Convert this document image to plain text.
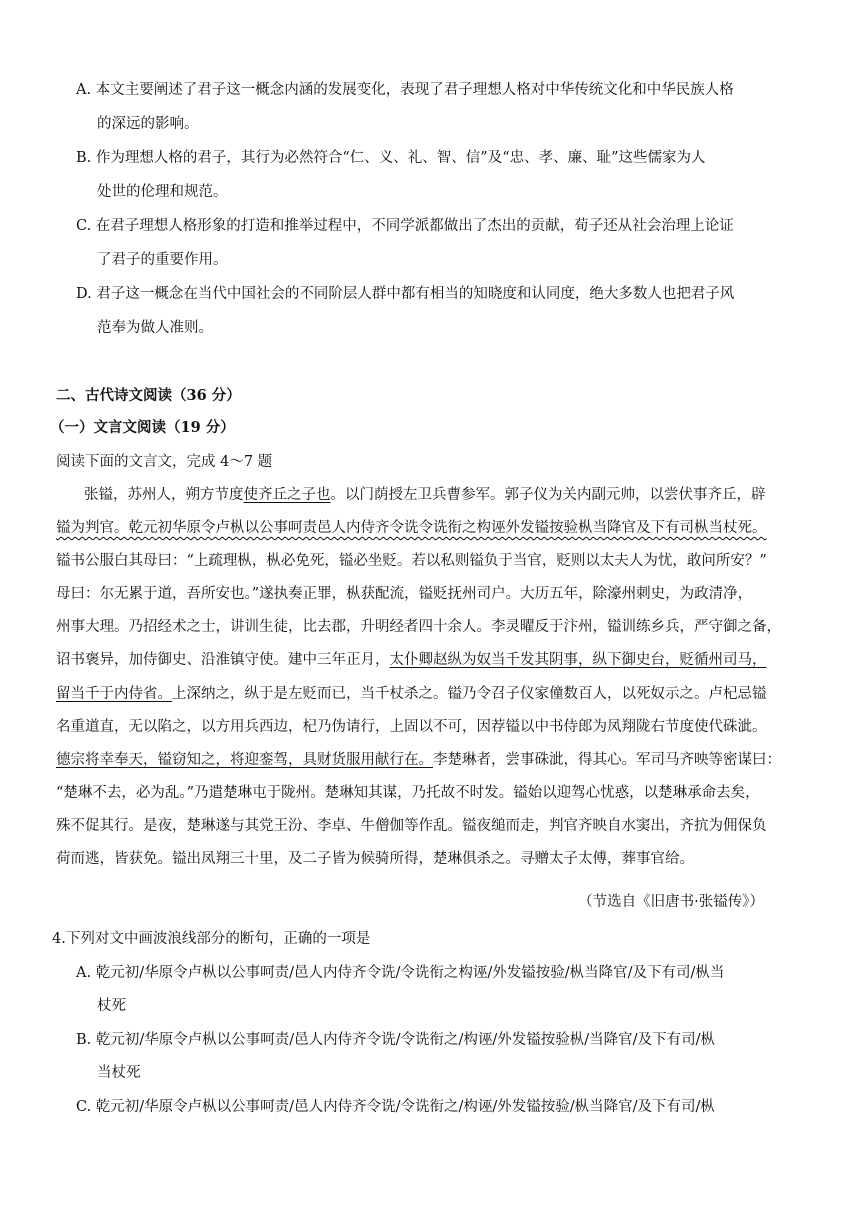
A. 本文主要阐述了君子这一概念内涵的发展变化，表现了君子理想人格对中华传统文化和中华民族人格
的深远的影响。
B. 作为理想人格的君子，其行为必然符合“仁、义、礼、智、信”及“忠、孝、廉、耻”这些儒家为人
处世的伦理和规范。
C. 在君子理想人格形象的打造和推举过程中，不同学派都做出了杰出的贡献，荀子还从社会治理上论证
了君子的重要作用。
D. 君子这一概念在当代中国社会的不同阶层人群中都有相当的知晓度和认同度，绝大多数人也把君子风
范奉为做人准则。
二、古代诗文阅读（36 分）
（一）文言文阅读（19 分）
阅读下面的文言文，完成 4～7 题
张镒，苏州人，朔方节度使齐丘之子也。以门荫授左卫兵曹参军。郭子仪为关内副元帅，以尝伏事齐丘，辟
镒为判官。乾元初华原令卢枞以公事呵责邑人内侍齐令诜令诜衔之构诬外发镒按验枞当降官及下有司枞当杖死。
镒书公服白其母曰：“上疏理枞，枞必免死，镒必坐贬。若以私则镒负于当官，贬则以太夫人为忧，敢问所安？”
母曰：尔无累于道，吾所安也。”遂执奏正罪，枞获配流，镒贬抚州司户。大历五年，除濠州刺史，为政清净，
州事大理。乃招经术之士，讲训生徒，比去郡，升明经者四十余人。李灵曜反于汴州，镒训练乡兵，严守御之备，
诏书褒异，加侍御史、沿淮镇守使。建中三年正月，太仆卿赵纵为奴当千发其阴事，纵下御史台，贬循州司马，
留当千于内侍省。上深纳之，纵于是左贬而已，当千杖杀之。镒乃令召子仪家僮数百人，以死奴示之。卢杞忌镒
名重道直，无以陷之，以方用兵西边，杞乃伪请行，上固以不可，因荐镒以中书侍郎为凤翔陇右节度使代硃泚。
德宗将幸奉天，镒窃知之，将迎銮驾，具财货服用献行在。李楚琳者，尝事硃泚，得其心。军司马齐映等密谋曰：
“楚琳不去，必为乱。”乃遣楚琳屯于陇州。楚琳知其谋，乃托故不时发。镒始以迎驾心忧惑，以楚琳承命去矣，
殊不促其行。是夜，楚琳遂与其党王汾、李卓、牛僧伽等作乱。镒夜缒而走，判官齐映自水窦出，齐抗为佣保负
荷而逃，皆获免。镒出凤翔三十里，及二子皆为候骑所得，楚琳俱杀之。寻赠太子太傅，葬事官给。
（节选自《旧唐书·张镒传》）
4.下列对文中画波浪线部分的断句，正确的一项是
A. 乾元初/华原令卢枞以公事呵责/邑人内侍齐令诜/令诜衔之构诬/外发镒按验/枞当降官/及下有司/枞当
杖死
B. 乾元初/华原令卢枞以公事呵责/邑人内侍齐令诜/令诜衔之/构诬/外发镒按验枞/当降官/及下有司/枞
当杖死
C. 乾元初/华原令卢枞以公事呵责/邑人内侍齐令诜/令诜衔之/构诬/外发镒按验/枞当降官/及下有司/枞
